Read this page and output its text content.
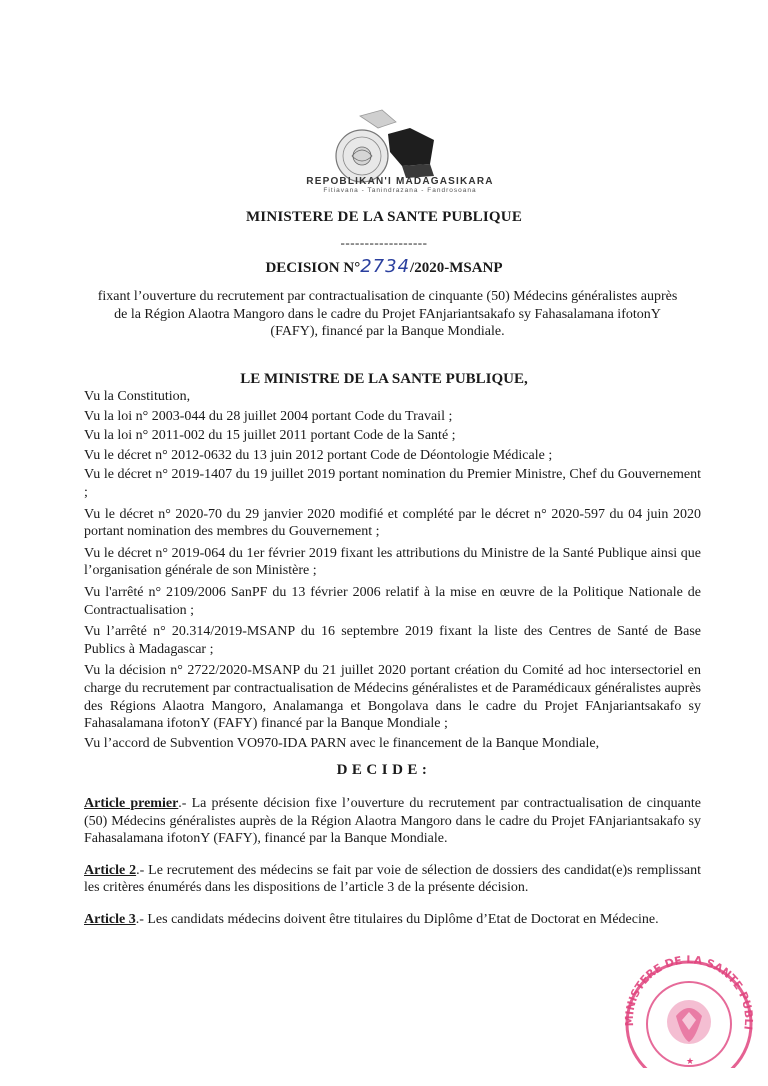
REPOBLIKAN'I MADAGASIKARA
Fitiavana - Tanindrazana - Fandrosoana
MINISTERE DE LA SANTE PUBLIQUE
------------------
DECISION N°2734/2020-MSANP
fixant l’ouverture du recrutement par contractualisation de cinquante (50) Médecins généralistes auprès de la Région Alaotra Mangoro dans le cadre du Projet FAnjariantsakafo sy Fahasalamana ifotonY (FAFY), financé par la Banque Mondiale.
LE MINISTRE DE LA SANTE PUBLIQUE,

Vu la Constitution,

Vu la loi n° 2003-044 du 28 juillet 2004 portant Code du Travail ;

Vu la loi n° 2011-002 du 15 juillet 2011 portant Code de la Santé ;

Vu le décret n° 2012-0632 du 13 juin 2012 portant Code de Déontologie Médicale ;

Vu le décret n° 2019-1407 du 19 juillet 2019 portant nomination du Premier Ministre, Chef du Gouvernement ;

Vu le décret n° 2020-70 du 29 janvier 2020 modifié et complété par le décret n° 2020-597 du 04 juin 2020 portant nomination des membres du Gouvernement ;

Vu le décret n° 2019-064 du 1er février 2019 fixant les attributions du Ministre de la Santé Publique ainsi que l’organisation générale de son Ministère ;

Vu l'arrêté n° 2109/2006 SanPF du 13 février 2006 relatif à la mise en œuvre de la Politique Nationale de Contractualisation ;

Vu l’arrêté n° 20.314/2019-MSANP du 16 septembre 2019 fixant la liste des Centres de Santé de Base Publics à Madagascar ;

Vu la décision n° 2722/2020-MSANP du 21 juillet 2020 portant création du Comité ad hoc intersectoriel en charge du recrutement par contractualisation de Médecins généralistes et de Paramédicaux généralistes auprès des Régions Alaotra Mangoro, Analamanga et Bongolava dans le cadre du Projet FAnjariantsakafo sy Fahasalamana ifotonY (FAFY) financé par la Banque Mondiale ;

Vu l’accord de Subvention VO970-IDA PARN avec le financement de la Banque Mondiale,

DECIDE:

Article premier.- La présente décision fixe l’ouverture du recrutement par contractualisation de cinquante (50) Médecins généralistes auprès de la Région Alaotra Mangoro dans le cadre du Projet FAnjariantsakafo sy Fahasalamana ifotonY (FAFY), financé par la Banque Mondiale.

Article 2.- Le recrutement des médecins se fait par voie de sélection de dossiers des candidat(e)s remplissant les critères énumérés dans les dispositions de l’article 3 de la présente décision.

Article 3.- Les candidats médecins doivent être titulaires du Diplôme d’Etat de Doctorat en Médecine.

MINISTERE DE LA SANTE PUBLI
★
